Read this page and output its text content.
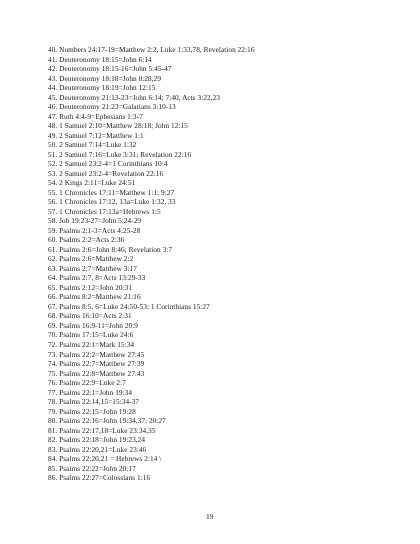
40. Numbers 24:17-19=Matthew 2:2, Luke 1:33,78, Revelation 22:16
41. Deuteronomy 18:15=John 6:14
42. Deuteronomy 18:15-16=John 5:45-47
43. Deuteronomy 18:18=John 8:28,29
44. Deuteronomy 18:19=John 12:15
45. Deuteronomy 21:13-23=John 6:14; 7:40, Acts 3:22,23
46. Deuteronomy 21:23=Galatians 3:10-13
47. Ruth 4:4-9=Ephesians 1:3-7
48. 1 Samuel 2:10=Matthew 28:18; John 12:15
49. 2 Samuel 7:12=Matthew 1:1
50. 2 Samuel 7:14=Luke 1:32
51. 2 Samuel 7:16=Luke 3:31; Revelation 22:16
52. 2 Samuel 23:2-4=1 Corinthians 10:4
53. 2 Samuel 23:2-4=Revelation 22:16
54. 2 Kings 2:11=Luke 24:51
55. 1 Chronicles 17:11=Matthew 1:1; 9:27
56. 1 Chronicles 17:12, 13a=Luke 1:32, 33
57. 1 Chronicles 17:13a=Hebrews 1:5
58. Job 19:23-27=John 5:24-29
59. Psalms 2:1-3=Acts 4:25-28
60. Psalms 2:2=Acts 2:36
61. Psalms 2:6=John 8:46; Revelation 3:7
62. Psalms 2:6=Matthew 2:2
63. Psalms 2:7=Matthew 3:17
64. Psalms 2:7, 8=Acts 13:29-33
65. Psalms 2:12=John 20:31
66. Psalms 8:2=Matthew 21:16
67. Psalms 8:5, 6=Luke 24:50-53; 1 Corinthians 15:27
68. Psalms 16:10=Acts 2:31
69. Psalms 16:9-11=John 20:9
70. Psalms 17:15=Luke 24:6
72. Psalms 22:1=Mark 15:34
73. Psalms 22:2=Matthew 27:45
74. Psalms 22:7=Matthew 27:39
75. Psalms 22:8=Matthew 27:43
76. Psalms 22:9=Luke 2:7
77. Psalms 22:1=John 19:34
78. Psalms 22:14,15=15:34-37
79. Psalms 22:15=John 19:28
80. Psalms 22:16=John 19:34,37; 20:27
81. Psalms 22:17,18=Luke 23:34,35
82. Psalms 22:18=John 19:23,24
83. Psalms 22:20,21=Luke 23:46
84. Psalms 22:20,21 = Hebrews 2:14 \
85. Psalms 22:22=John 20:17
86. Psalms 22:27=Colossians 1:16
19
